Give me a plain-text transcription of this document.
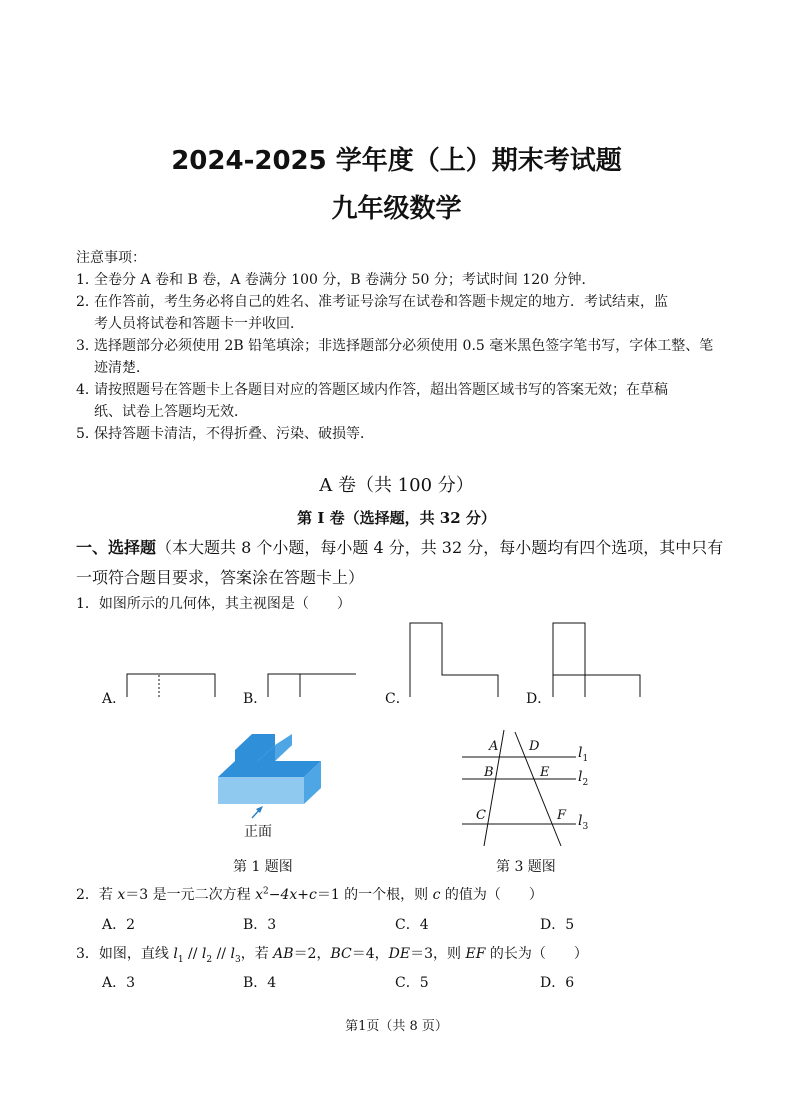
2024-2025 学年度（上）期末考试题
九年级数学
注意事项：
1．全卷分 A 卷和 B 卷，A 卷满分 100 分，B 卷满分 50 分；考试时间 120 分钟．
2．在作答前，考生务必将自己的姓名、准考证号涂写在试卷和答题卡规定的地方．考试结束，监
考人员将试卷和答题卡一并收回．
3．选择题部分必须使用 2B 铅笔填涂；非选择题部分必须使用 0.5 毫米黑色签字笔书写，字体工整、笔
迹清楚．
4．请按照题号在答题卡上各题目对应的答题区域内作答，超出答题区域书写的答案无效；在草稿
纸、试卷上答题均无效．
5．保持答题卡清洁，不得折叠、污染、破损等．
A 卷（共 100 分）
第 Ⅰ 卷（选择题，共 32 分）
一、选择题（本大题共 8 个小题，每小题 4 分，共 32 分，每小题均有四个选项，其中只有一项符合题目要求，答案涂在答题卡上）
1．如图所示的几何体，其主视图是（　　）
A．	B．	C．	D．
正面
第 1 题图
A D
B	E
C	F
$l_1$
$l_2$
$l_3$
第 3 题图
2．若 x＝3 是一元二次方程 $x^2-4x+c=1$ 的一个根，则 c 的值为（　　）
A．2	B．3	C．4	D．5
3．如图，直线 $l_1 // l_2 // l_3$，若 AB＝2，BC＝4，DE＝3，则 EF 的长为（　　）
A．3	B．4	C．5	D．6
第1页（共 8 页）
